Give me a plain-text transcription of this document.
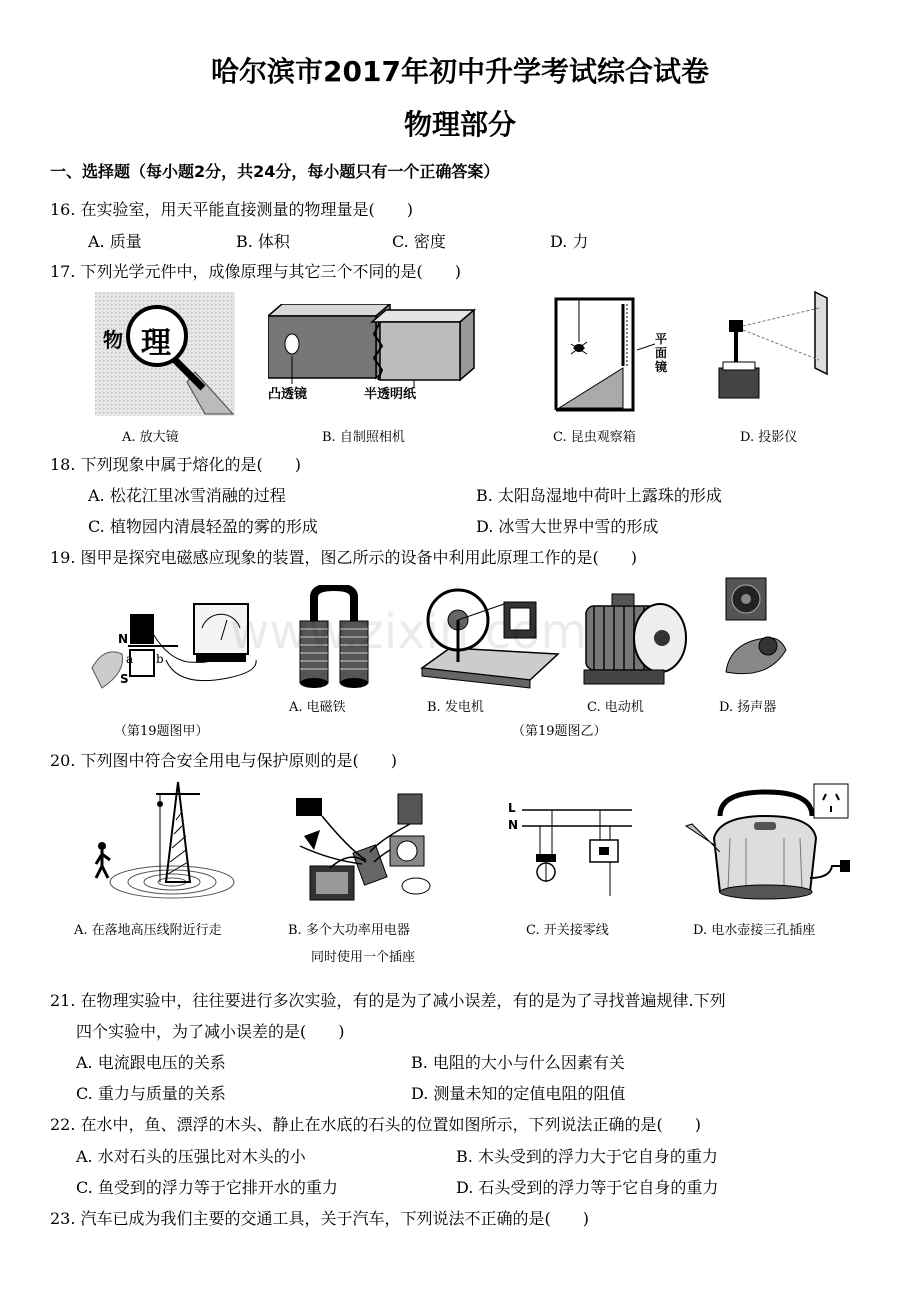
哈尔滨市2017年初中升学考试综合试卷
物理部分
一、选择题（每小题2分，共24分，每小题只有一个正确答案）
16. 在实验室，用天平能直接测量的物理量是(　　)
A. 质量	B. 体积	C. 密度	D. 力
17. 下列光学元件中，成像原理与其它三个不同的是(　　)
物 理
凸透镜	半透明纸
平面镜
A. 放大镜	B. 自制照相机	C. 昆虫观察箱	D. 投影仪
18. 下列现象中属于熔化的是(　　)
A. 松花江里冰雪消融的过程	B. 太阳岛湿地中荷叶上露珠的形成
C. 植物园内清晨轻盈的雾的形成	D. 冰雪大世界中雪的形成
19. 图甲是探究电磁感应现象的装置，图乙所示的设备中利用此原理工作的是(　　)
N
S
a b
（第19题图甲）
A. 电磁铁	B. 发电机	C. 电动机	D. 扬声器
（第19题图乙）
20. 下列图中符合安全用电与保护原则的是(　　)
L
N
A. 在落地高压线附近行走	B. 多个大功率用电器
同时使用一个插座
C. 开关接零线	D. 电水壶接三孔插座
21. 在物理实验中，往往要进行多次实验，有的是为了减小误差，有的是为了寻找普遍规律.下列
四个实验中，为了减小误差的是(　　)
A. 电流跟电压的关系	B. 电阻的大小与什么因素有关
C. 重力与质量的关系	D. 测量未知的定值电阻的阻值
22. 在水中，鱼、漂浮的木头、静止在水底的石头的位置如图所示，下列说法正确的是(　　)
A. 水对石头的压强比对木头的小	B. 木头受到的浮力大于它自身的重力
C. 鱼受到的浮力等于它排开水的重力	D. 石头受到的浮力等于它自身的重力
23. 汽车已成为我们主要的交通工具，关于汽车，下列说法不正确的是(　　)
www.zixin.com
